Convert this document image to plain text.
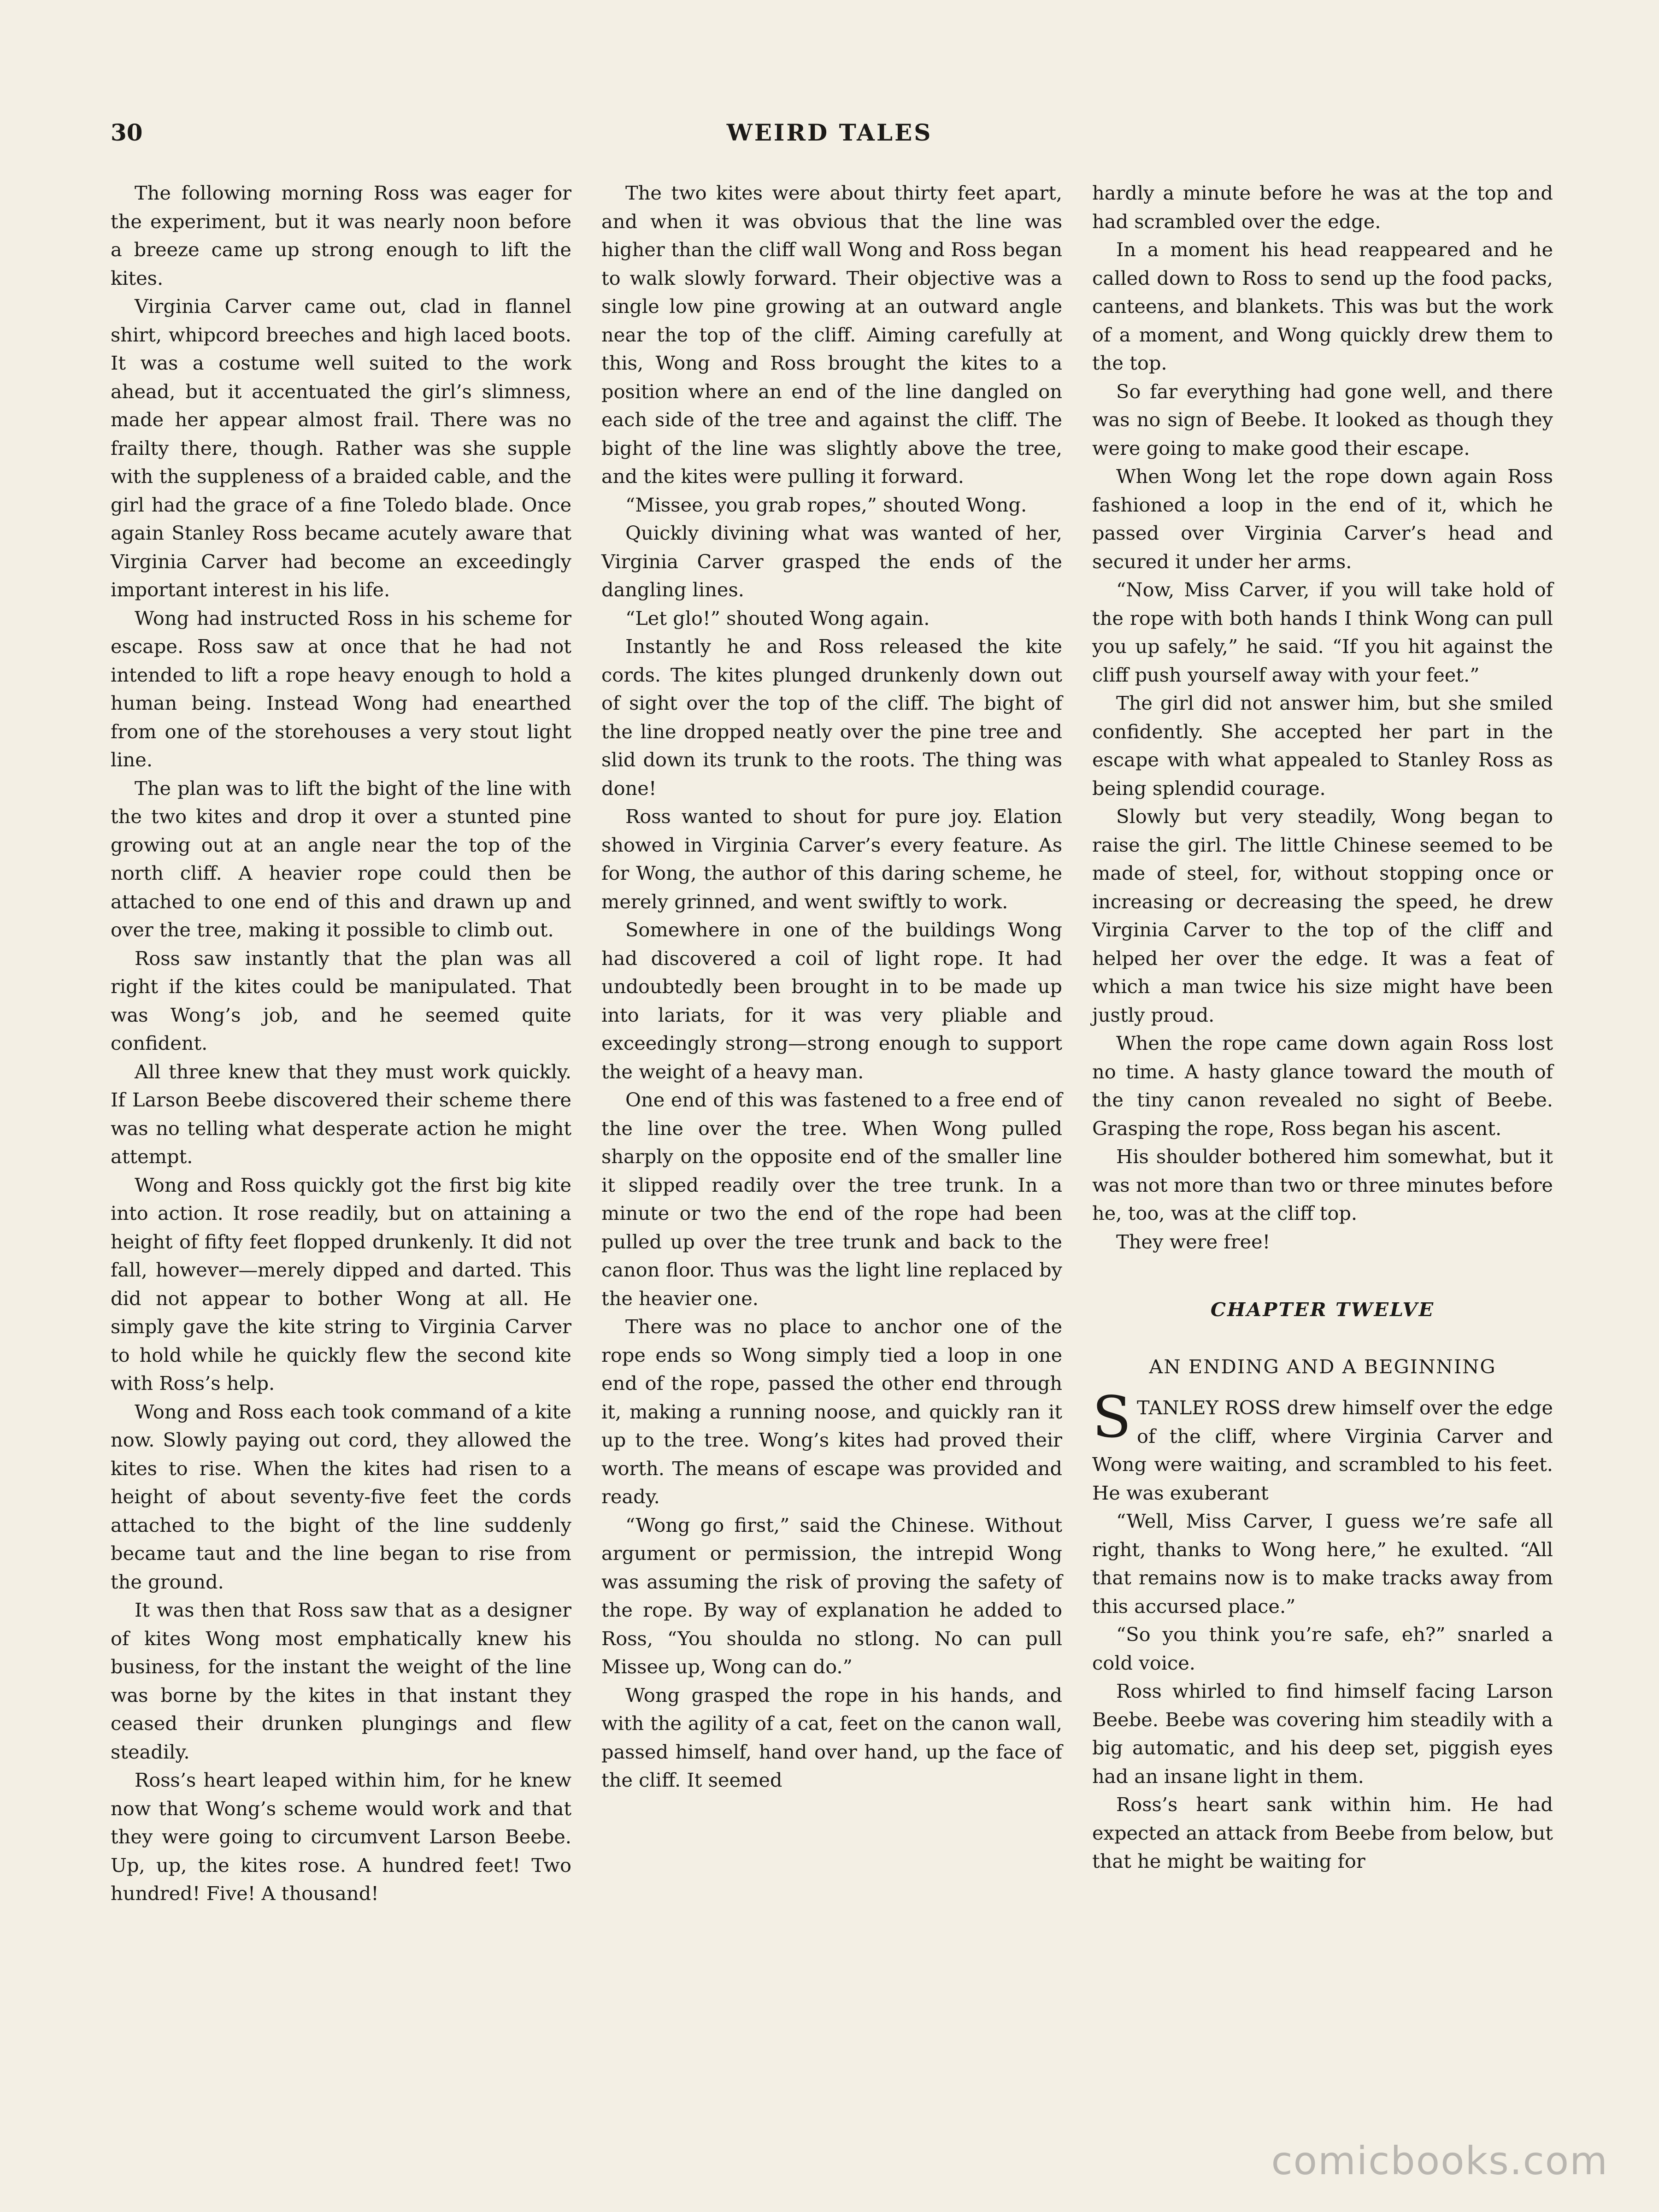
30	WEIRD TALES

The following morning Ross was eager for the experiment, but it was nearly noon before a breeze came up strong enough to lift the kites.

Virginia Carver came out, clad in flannel shirt, whipcord breeches and high laced boots. It was a costume well suited to the work ahead, but it accentuated the girl’s slimness, made her appear almost frail. There was no frailty there, though. Rather was she supple with the suppleness of a braided cable, and the girl had the grace of a fine Toledo blade. Once again Stanley Ross became acutely aware that Virginia Carver had become an exceedingly important interest in his life.

Wong had instructed Ross in his scheme for escape. Ross saw at once that he had not intended to lift a rope heavy enough to hold a human being. Instead Wong had enearthed from one of the storehouses a very stout light line.

The plan was to lift the bight of the line with the two kites and drop it over a stunted pine growing out at an angle near the top of the north cliff. A heavier rope could then be attached to one end of this and drawn up and over the tree, making it possible to climb out.

Ross saw instantly that the plan was all right if the kites could be manipulated. That was Wong’s job, and he seemed quite confident.

All three knew that they must work quickly. If Larson Beebe discovered their scheme there was no telling what desperate action he might attempt.

Wong and Ross quickly got the first big kite into action. It rose readily, but on attaining a height of fifty feet flopped drunkenly. It did not fall, however—merely dipped and darted. This did not appear to bother Wong at all. He simply gave the kite string to Virginia Carver to hold while he quickly flew the second kite with Ross’s help.

Wong and Ross each took command of a kite now. Slowly paying out cord, they allowed the kites to rise. When the kites had risen to a height of about seventy-five feet the cords attached to the bight of the line suddenly became taut and the line began to rise from the ground.

It was then that Ross saw that as a designer of kites Wong most emphatically knew his business, for the instant the weight of the line was borne by the kites in that instant they ceased their drunken plungings and flew steadily.

Ross’s heart leaped within him, for he knew now that Wong’s scheme would work and that they were going to circumvent Larson Beebe. Up, up, the kites rose. A hundred feet! Two hundred! Five! A thousand!

The two kites were about thirty feet apart, and when it was obvious that the line was higher than the cliff wall Wong and Ross began to walk slowly forward. Their objective was a single low pine growing at an outward angle near the top of the cliff. Aiming carefully at this, Wong and Ross brought the kites to a position where an end of the line dangled on each side of the tree and against the cliff. The bight of the line was slightly above the tree, and the kites were pulling it forward.

“Missee, you grab ropes,” shouted Wong.

Quickly divining what was wanted of her, Virginia Carver grasped the ends of the dangling lines.

“Let glo!” shouted Wong again.

Instantly he and Ross released the kite cords. The kites plunged drunkenly down out of sight over the top of the cliff. The bight of the line dropped neatly over the pine tree and slid down its trunk to the roots. The thing was done!

Ross wanted to shout for pure joy. Elation showed in Virginia Carver’s every feature. As for Wong, the author of this daring scheme, he merely grinned, and went swiftly to work.

Somewhere in one of the buildings Wong had discovered a coil of light rope. It had undoubtedly been brought in to be made up into lariats, for it was very pliable and exceedingly strong—strong enough to support the weight of a heavy man.

One end of this was fastened to a free end of the line over the tree. When Wong pulled sharply on the opposite end of the smaller line it slipped readily over the tree trunk. In a minute or two the end of the rope had been pulled up over the tree trunk and back to the canon floor. Thus was the light line replaced by the heavier one.

There was no place to anchor one of the rope ends so Wong simply tied a loop in one end of the rope, passed the other end through it, making a running noose, and quickly ran it up to the tree. Wong’s kites had proved their worth. The means of escape was provided and ready.

“Wong go first,” said the Chinese. Without argument or permission, the intrepid Wong was assuming the risk of proving the safety of the rope. By way of explanation he added to Ross, “You shoulda no stlong. No can pull Missee up, Wong can do.”

Wong grasped the rope in his hands, and with the agility of a cat, feet on the canon wall, passed himself, hand over hand, up the face of the cliff. It seemed

hardly a minute before he was at the top and had scrambled over the edge.

In a moment his head reappeared and he called down to Ross to send up the food packs, canteens, and blankets. This was but the work of a moment, and Wong quickly drew them to the top.

So far everything had gone well, and there was no sign of Beebe. It looked as though they were going to make good their escape.

When Wong let the rope down again Ross fashioned a loop in the end of it, which he passed over Virginia Carver’s head and secured it under her arms.

“Now, Miss Carver, if you will take hold of the rope with both hands I think Wong can pull you up safely,” he said. “If you hit against the cliff push yourself away with your feet.”

The girl did not answer him, but she smiled confidently. She accepted her part in the escape with what appealed to Stanley Ross as being splendid courage.

Slowly but very steadily, Wong began to raise the girl. The little Chinese seemed to be made of steel, for, without stopping once or increasing or decreasing the speed, he drew Virginia Carver to the top of the cliff and helped her over the edge. It was a feat of which a man twice his size might have been justly proud.

When the rope came down again Ross lost no time. A hasty glance toward the mouth of the tiny canon revealed no sight of Beebe. Grasping the rope, Ross began his ascent.

His shoulder bothered him somewhat, but it was not more than two or three minutes before he, too, was at the cliff top.

They were free!

CHAPTER TWELVE
AN ENDING AND A BEGINNING

STANLEY ROSS drew himself over the edge of the cliff, where Virginia Carver and Wong were waiting, and scrambled to his feet. He was exuberant

“Well, Miss Carver, I guess we’re safe all right, thanks to Wong here,” he exulted. “All that remains now is to make tracks away from this accursed place.”

“So you think you’re safe, eh?” snarled a cold voice.

Ross whirled to find himself facing Larson Beebe. Beebe was covering him steadily with a big automatic, and his deep set, piggish eyes had an insane light in them.

Ross’s heart sank within him. He had expected an attack from Beebe from below, but that he might be waiting for

comicbooks.com
